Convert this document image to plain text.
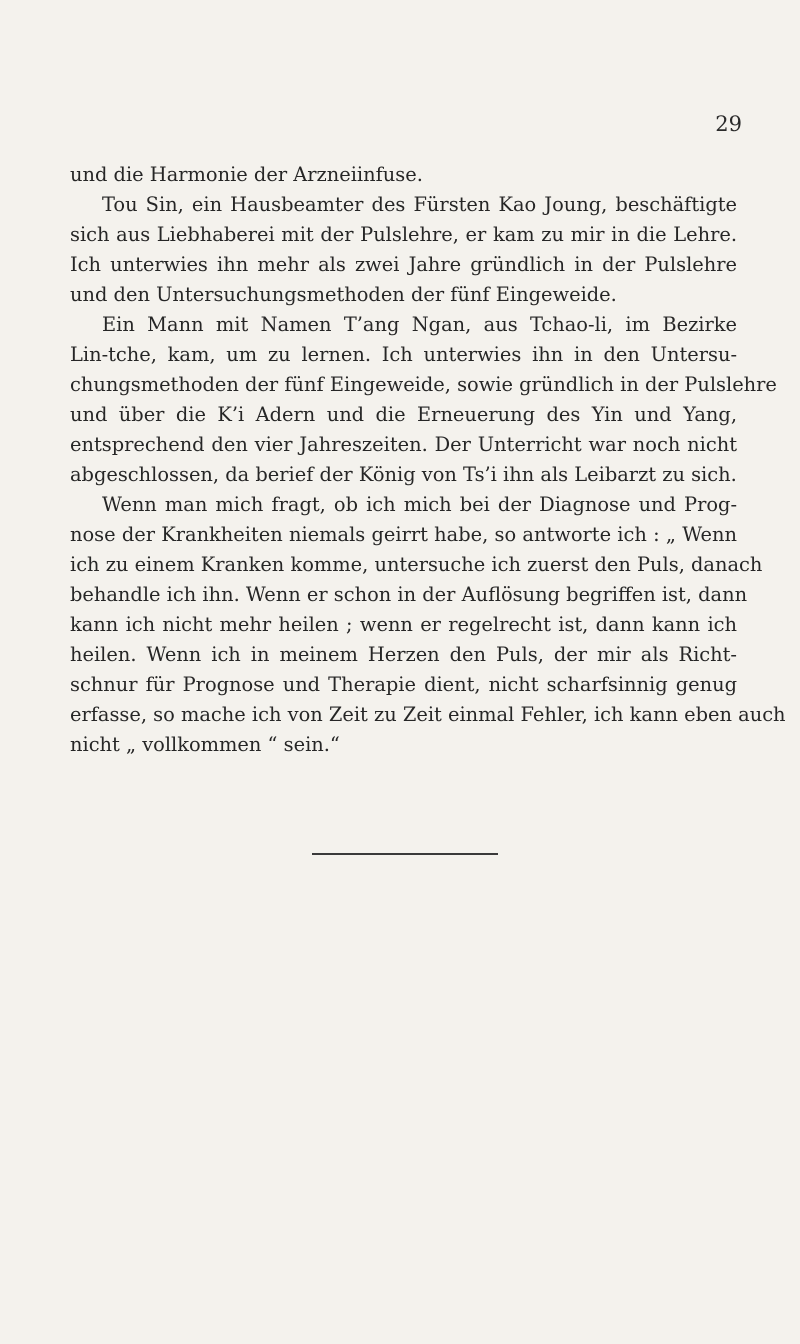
29
und die Harmonie der Arzneiinfuse.
Tou Sin, ein Hausbeamter des Fürsten Kao Joung, beschäftigte
sich aus Liebhaberei mit der Pulslehre, er kam zu mir in die Lehre.
Ich unterwies ihn mehr als zwei Jahre gründlich in der Pulslehre
und den Untersuchungsmethoden der fünf Eingeweide.
Ein Mann mit Namen T’ang Ngan, aus Tchao-li, im Bezirke
Lin-tche, kam, um zu lernen. Ich unterwies ihn in den Untersu-
chungsmethoden der fünf Eingeweide, sowie gründlich in der Pulslehre
und über die K’i Adern und die Erneuerung des Yin und Yang,
entsprechend den vier Jahreszeiten. Der Unterricht war noch nicht
abgeschlossen, da berief der König von Ts’i ihn als Leibarzt zu sich.
Wenn man mich fragt, ob ich mich bei der Diagnose und Prog-
nose der Krankheiten niemals geirrt habe, so antworte ich : „ Wenn
ich zu einem Kranken komme, untersuche ich zuerst den Puls, danach
behandle ich ihn. Wenn er schon in der Auflösung begriffen ist, dann
kann ich nicht mehr heilen ; wenn er regelrecht ist, dann kann ich
heilen. Wenn ich in meinem Herzen den Puls, der mir als Richt-
schnur für Prognose und Therapie dient, nicht scharfsinnig genug
erfasse, so mache ich von Zeit zu Zeit einmal Fehler, ich kann eben auch
nicht „ vollkommen “ sein.“
